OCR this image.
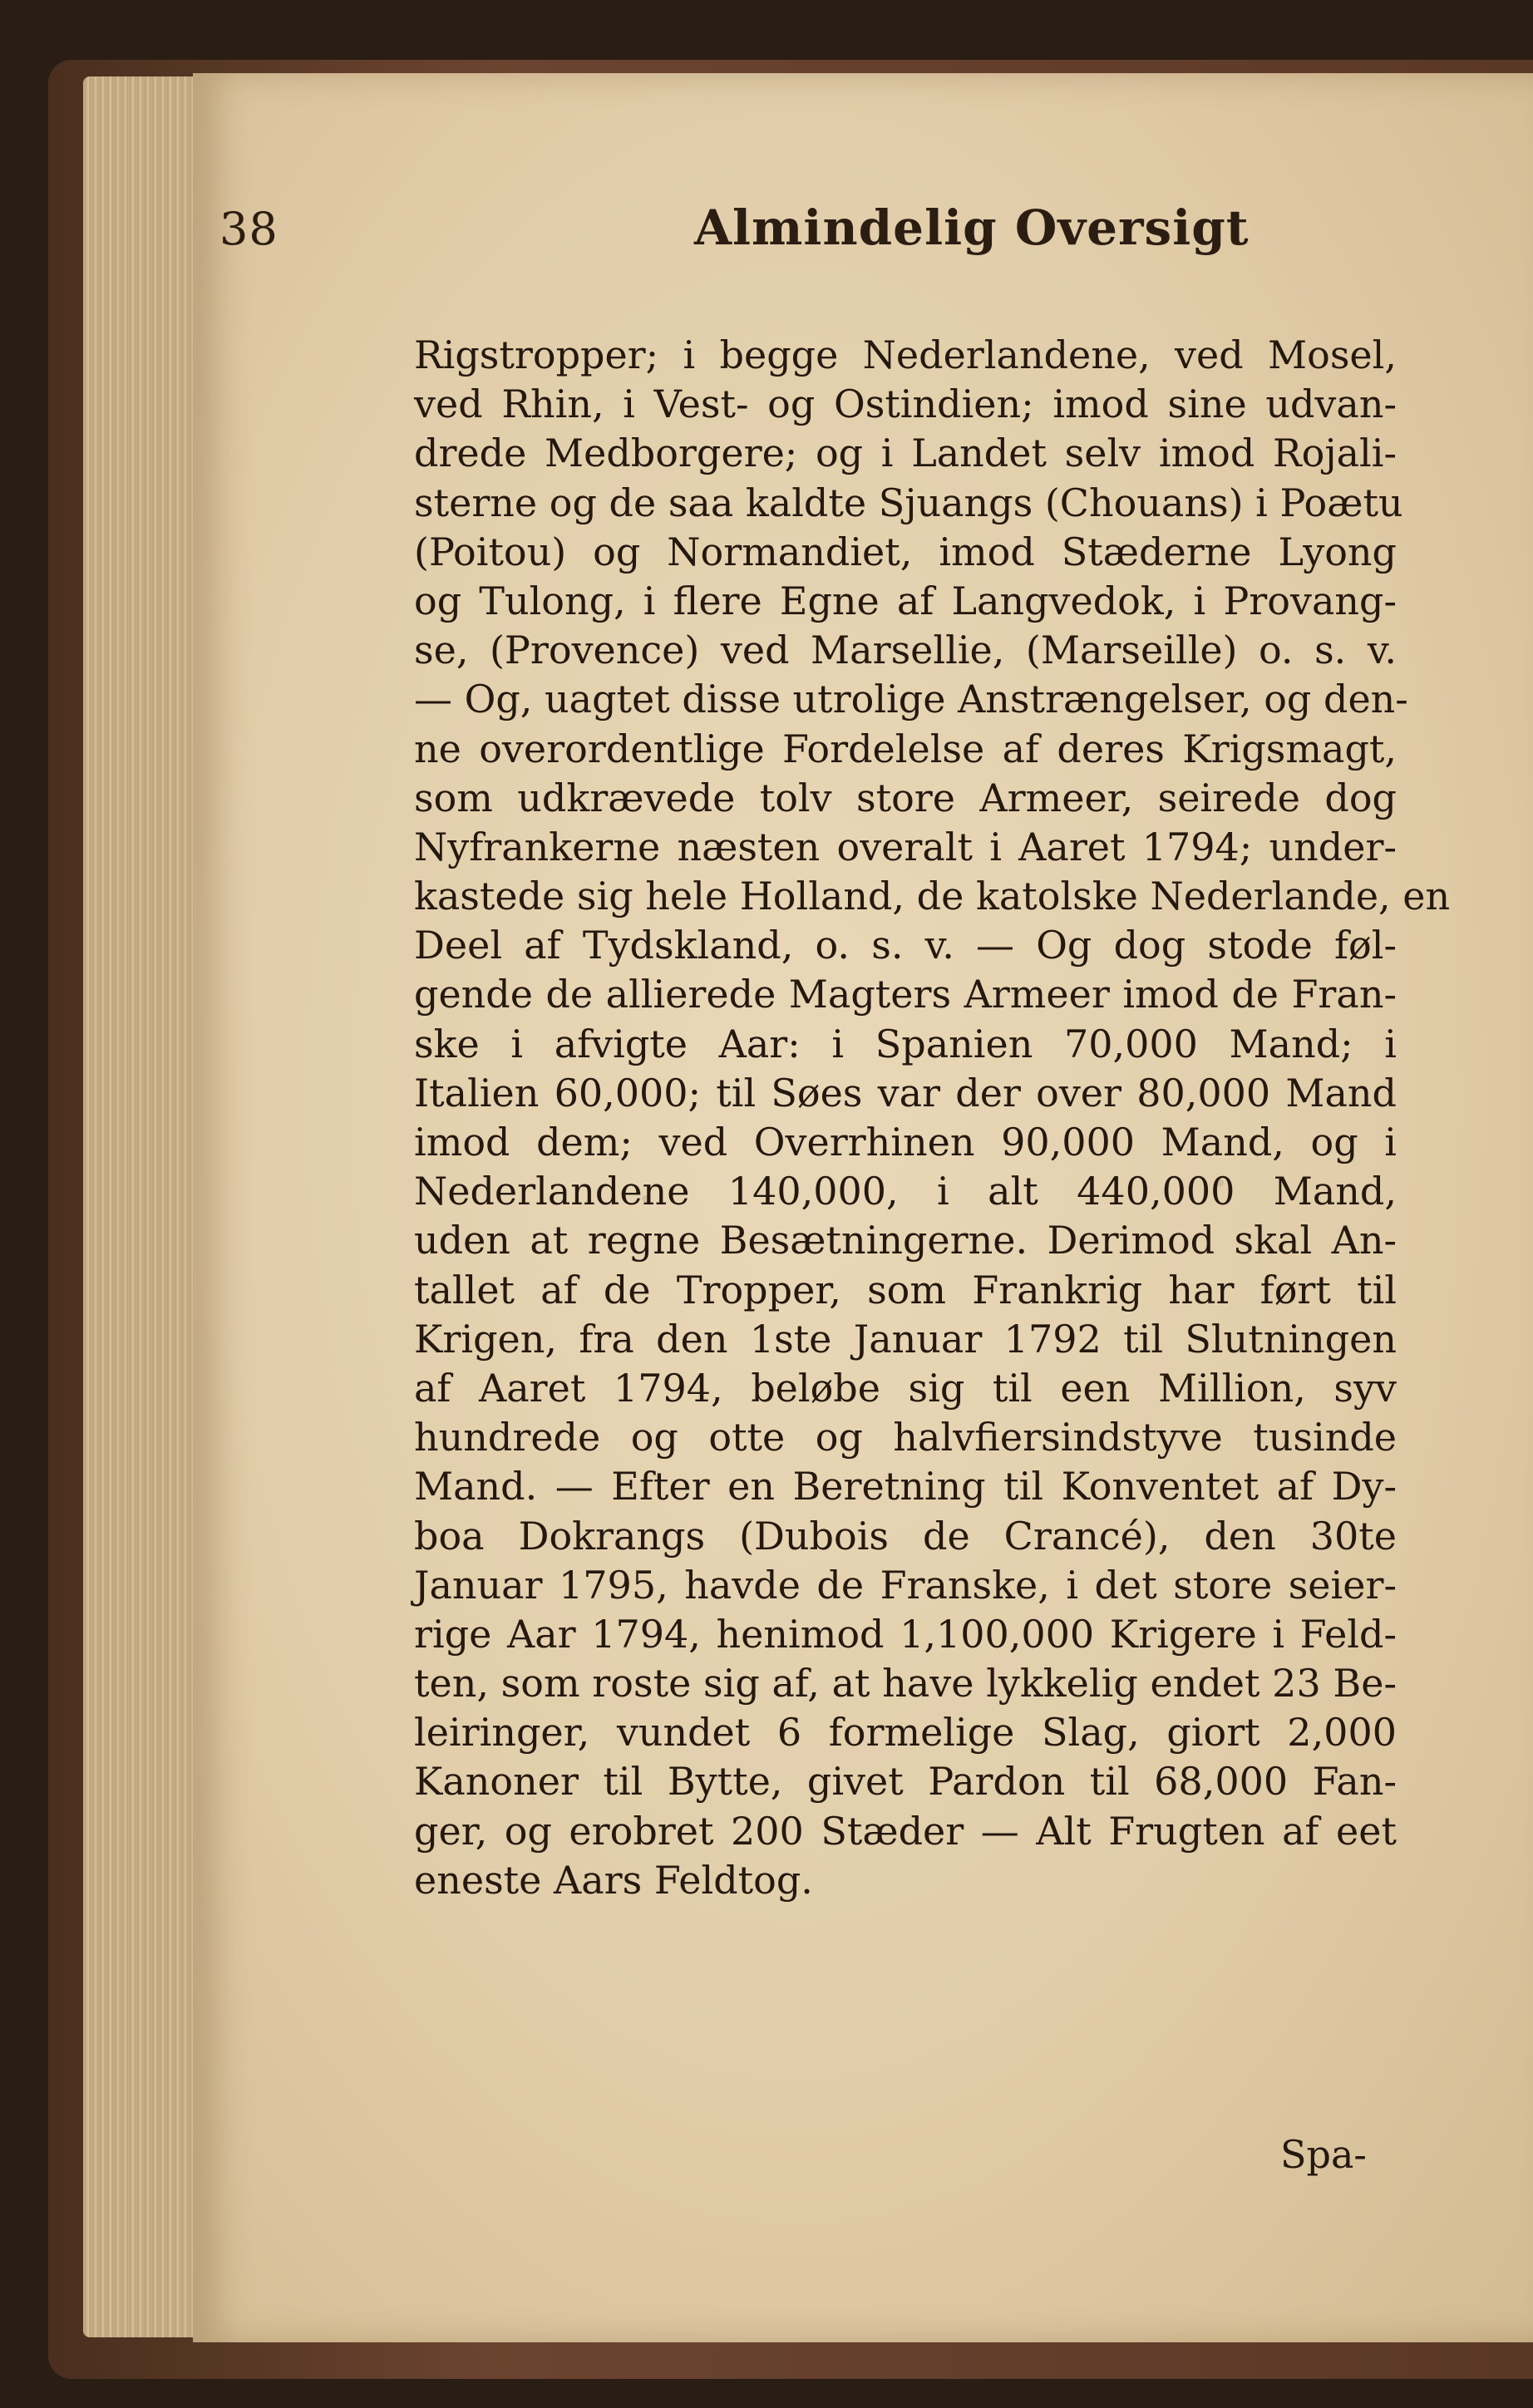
38	Almindelig Oversigt
Rigstropper; i begge Nederlandene, ved Mosel,
ved Rhin, i Vest- og Ostindien; imod sine udvan-
drede Medborgere; og i Landet selv imod Rojali-
sterne og de saa kaldte Sjuangs (Chouans) i Poætu
(Poitou) og Normandiet, imod Stæderne Lyong
og Tulong, i flere Egne af Langvedok, i Provang-
se, (Provence) ved Marsellie, (Marseille) o. s. v.
— Og, uagtet disse utrolige Anstrængelser, og den-
ne overordentlige Fordelelse af deres Krigsmagt,
som udkrævede tolv store Armeer, seirede dog
Nyfrankerne næsten overalt i Aaret 1794; under-
kastede sig hele Holland, de katolske Nederlande, en
Deel af Tydskland, o. s. v. — Og dog stode føl-
gende de allierede Magters Armeer imod de Fran-
ske i afvigte Aar: i Spanien 70,000 Mand; i
Italien 60,000; til Søes var der over 80,000 Mand
imod dem; ved Overrhinen 90,000 Mand, og i
Nederlandene 140,000, i alt 440,000 Mand,
uden at regne Besætningerne. Derimod skal An-
tallet af de Tropper, som Frankrig har ført til
Krigen, fra den 1ste Januar 1792 til Slutningen
af Aaret 1794, beløbe sig til een Million, syv
hundrede og otte og halvfiersindstyve tusinde
Mand. — Efter en Beretning til Konventet af Dy-
boa Dokrangs (Dubois de Crancé), den 30te
Januar 1795, havde de Franske, i det store seier-
rige Aar 1794, henimod 1,100,000 Krigere i Feld-
ten, som roste sig af, at have lykkelig endet 23 Be-
leiringer, vundet 6 formelige Slag, giort 2,000
Kanoner til Bytte, givet Pardon til 68,000 Fan-
ger, og erobret 200 Stæder — Alt Frugten af eet
eneste Aars Feldtog.
Spa-
